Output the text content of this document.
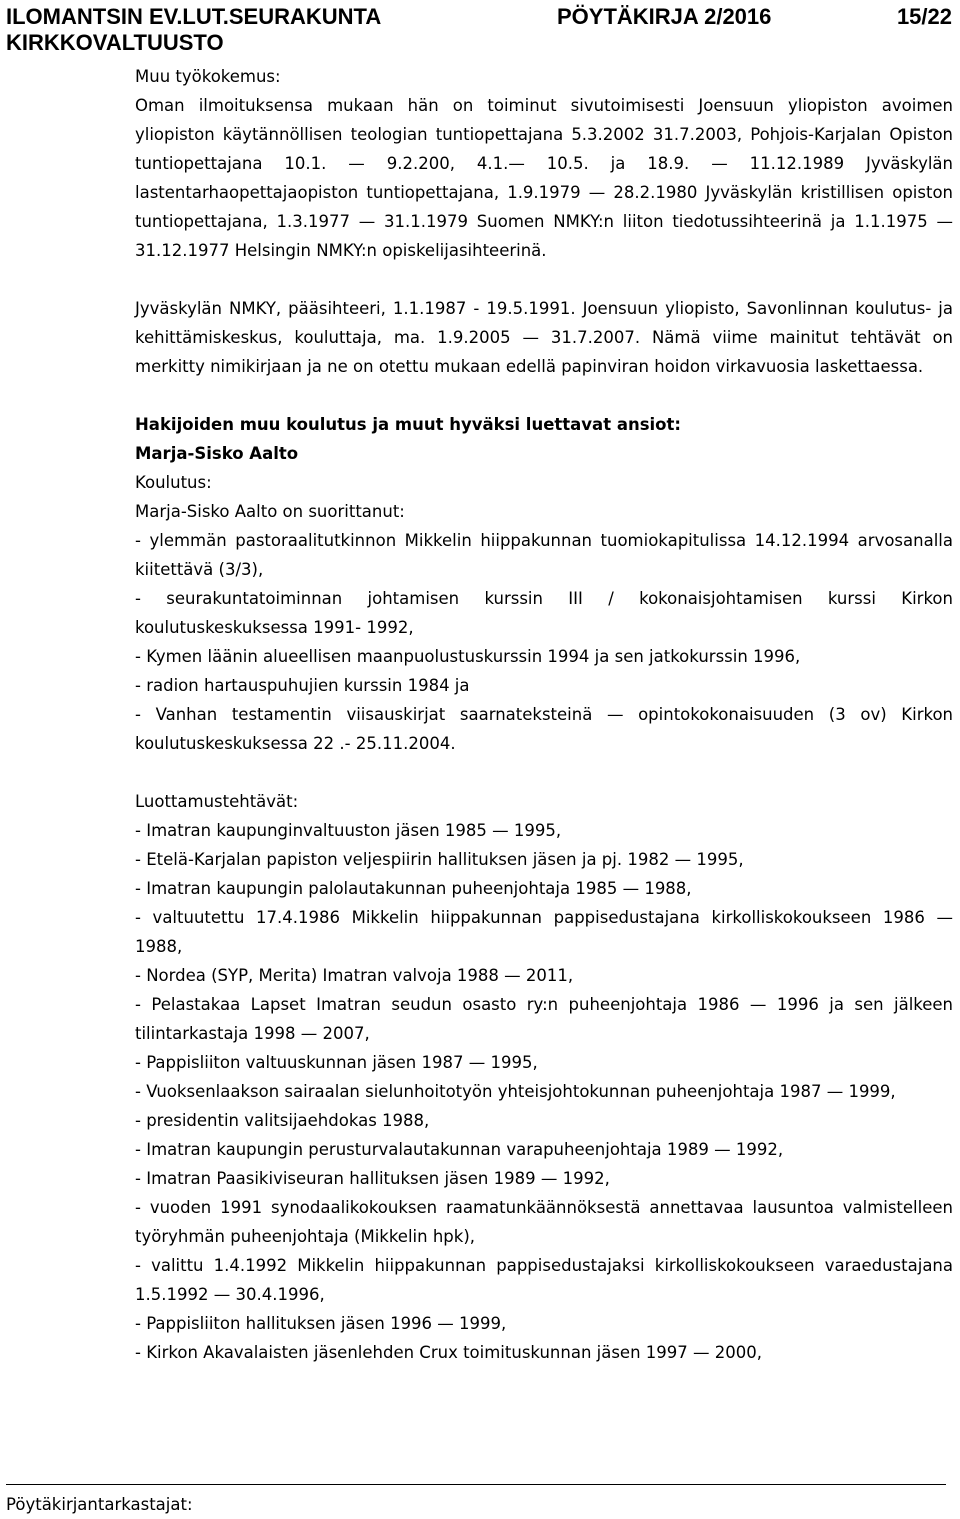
ILOMANTSIN EV.LUT.SEURAKUNTA	PÖYTÄKIRJA 2/2016	15/22
KIRKKOVALTUUSTO

Muu työkokemus:

Oman ilmoituksensa mukaan hän on toiminut sivutoimisesti Joensuun yliopiston avoimen yliopiston käytännöllisen teologian tuntiopettajana 5.3.2002 31.7.2003, Pohjois-Karjalan Opiston tuntiopettajana 10.1. — 9.2.200, 4.1.— 10.5. ja 18.9. — 11.12.1989 Jyväskylän lastentarhaopettajaopiston tuntiopettajana, 1.9.1979 — 28.2.1980 Jyväskylän kristillisen opiston tuntiopettajana, 1.3.1977 — 31.1.1979 Suomen NMKY:n liiton tiedotussihteerinä ja 1.1.1975 — 31.12.1977 Helsingin NMKY:n opiskelijasihteerinä.

Jyväskylän NMKY, pääsihteeri, 1.1.1987 - 19.5.1991. Joensuun yliopisto, Savonlinnan koulutus- ja kehittämiskeskus, kouluttaja, ma. 1.9.2005 — 31.7.2007. Nämä viime mainitut tehtävät on merkitty nimikirjaan ja ne on otettu mukaan edellä papinviran hoidon virkavuosia laskettaessa.

Hakijoiden muu koulutus ja muut hyväksi luettavat ansiot:

Marja-Sisko Aalto

Koulutus:

Marja-Sisko Aalto on suorittanut:

- ylemmän pastoraalitutkinnon Mikkelin hiippakunnan tuomiokapitulissa 14.12.1994 arvosanalla kiitettävä (3/3),

- seurakuntatoiminnan johtamisen kurssin III / kokonaisjohtamisen kurssi Kirkon koulutuskeskuksessa 1991- 1992,

- Kymen läänin alueellisen maanpuolustuskurssin 1994 ja sen jatkokurssin 1996,

- radion hartauspuhujien kurssin 1984 ja

- Vanhan testamentin viisauskirjat saarnateksteinä — opintokokonaisuuden (3 ov) Kirkon koulutuskeskuksessa 22 .- 25.11.2004.

Luottamustehtävät:

- Imatran kaupunginvaltuuston jäsen 1985 — 1995,

- Etelä-Karjalan papiston veljespiirin hallituksen jäsen ja pj. 1982 — 1995,

- Imatran kaupungin palolautakunnan puheenjohtaja 1985 — 1988,

- valtuutettu 17.4.1986 Mikkelin hiippakunnan pappisedustajana kirkolliskokoukseen 1986 — 1988,

- Nordea (SYP, Merita) Imatran valvoja 1988 — 2011,

- Pelastakaa Lapset Imatran seudun osasto ry:n puheenjohtaja 1986 — 1996 ja sen jälkeen tilintarkastaja 1998 — 2007,

- Pappisliiton valtuuskunnan jäsen 1987 — 1995,

- Vuoksenlaakson sairaalan sielunhoitotyön yhteisjohtokunnan puheenjohtaja 1987 — 1999,

- presidentin valitsijaehdokas 1988,

- Imatran kaupungin perusturvalautakunnan varapuheenjohtaja 1989 — 1992,

- Imatran Paasikiviseuran hallituksen jäsen 1989 — 1992,

- vuoden 1991 synodaalikokouksen raamatunkäännöksestä annettavaa lausuntoa valmistelleen työryhmän puheenjohtaja (Mikkelin hpk),

- valittu 1.4.1992 Mikkelin hiippakunnan pappisedustajaksi kirkolliskokoukseen varaedustajana 1.5.1992 — 30.4.1996,

- Pappisliiton hallituksen jäsen 1996 — 1999,

- Kirkon Akavalaisten jäsenlehden Crux toimituskunnan jäsen 1997 — 2000,

Pöytäkirjantarkastajat:
